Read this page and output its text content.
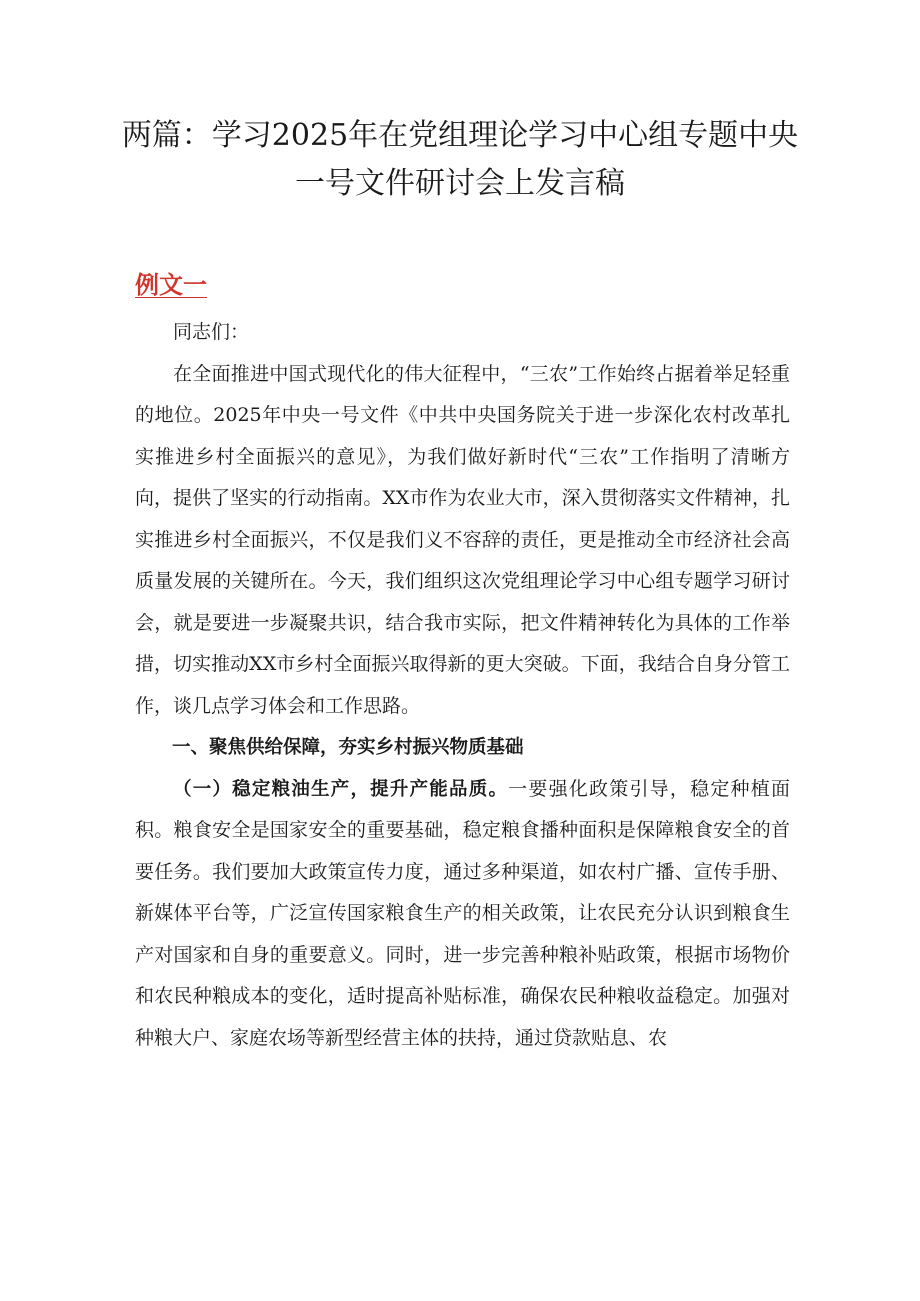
两篇：学习2025年在党组理论学习中心组专题中央
一号文件研讨会上发言稿
例文一

同志们：

在全面推进中国式现代化的伟大征程中，“三农”工作始终占据着举足轻重的地位。2025年中央一号文件《中共中央国务院关于进一步深化农村改革扎实推进乡村全面振兴的意见》，为我们做好新时代“三农”工作指明了清晰方向，提供了坚实的行动指南。XX市作为农业大市，深入贯彻落实文件精神，扎实推进乡村全面振兴，不仅是我们义不容辞的责任，更是推动全市经济社会高质量发展的关键所在。今天，我们组织这次党组理论学习中心组专题学习研讨会，就是要进一步凝聚共识，结合我市实际，把文件精神转化为具体的工作举措，切实推动XX市乡村全面振兴取得新的更大突破。下面，我结合自身分管工作，谈几点学习体会和工作思路。

一、聚焦供给保障，夯实乡村振兴物质基础

（一）稳定粮油生产，提升产能品质。一要强化政策引导，稳定种植面积。粮食安全是国家安全的重要基础，稳定粮食播种面积是保障粮食安全的首要任务。我们要加大政策宣传力度，通过多种渠道，如农村广播、宣传手册、新媒体平台等，广泛宣传国家粮食生产的相关政策，让农民充分认识到粮食生产对国家和自身的重要意义。同时，进一步完善种粮补贴政策，根据市场物价和农民种粮成本的变化，适时提高补贴标准，确保农民种粮收益稳定。加强对种粮大户、家庭农场等新型经营主体的扶持，通过贷款贴息、农
